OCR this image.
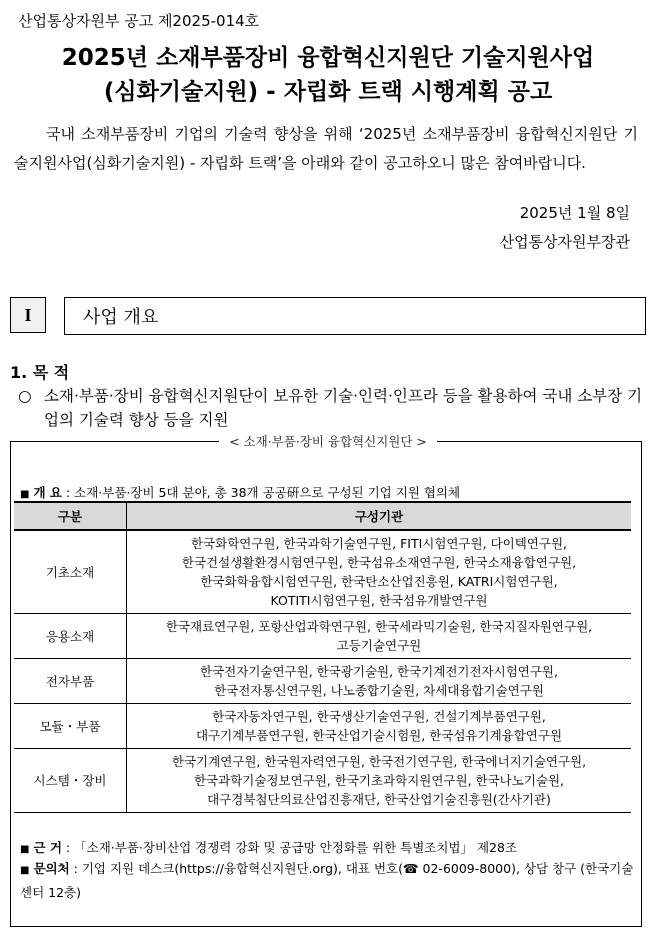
산업통상자원부 공고 제2025-014호
2025년 소재부품장비 융합혁신지원단 기술지원사업
(심화기술지원) - 자립화 트랙 시행계획 공고
국내 소재부품장비 기업의 기술력 향상을 위해 ‘2025년 소재부품장비 융합혁신지원단 기술지원사업(심화기술지원) - 자립화 트랙’을 아래와 같이 공고하오니 많은 참여바랍니다.
2025년 1월 8일
산업통상자원부장관
I	사업 개요
1. 목 적
○ 소재·부품·장비 융합혁신지원단이 보유한 기술·인력·인프라 등을 활용하여 국내 소부장 기업의 기술력 향상 등을 지원
< 소재·부품·장비 융합혁신지원단 >
■ 개 요 : 소재·부품·장비 5대 분야, 총 38개 공공硏으로 구성된 기업 지원 협의체
구분	구성기관
기초소재	한국화학연구원, 한국과학기술연구원, FITI시험연구원, 다이텍연구원,
한국건설생활환경시험연구원, 한국섬유소재연구원, 한국소재융합연구원,
한국화학융합시험연구원, 한국탄소산업진흥원, KATRI시험연구원,
KOTITI시험연구원, 한국섬유개발연구원

응용소재	한국재료연구원, 포항산업과학연구원, 한국세라믹기술원, 한국지질자원연구원,
고등기술연구원

전자부품	한국전자기술연구원, 한국광기술원, 한국기계전기전자시험연구원,
한국전자통신연구원, 나노종합기술원, 차세대융합기술연구원

모듈・부품	한국자동차연구원, 한국생산기술연구원, 건설기계부품연구원,
대구기계부품연구원, 한국산업기술시험원, 한국섬유기계융합연구원

시스템・장비	한국기계연구원, 한국원자력연구원, 한국전기연구원, 한국에너지기술연구원,
한국과학기술정보연구원, 한국기초과학지원연구원, 한국나노기술원,
대구경북첨단의료산업진흥재단, 한국산업기술진흥원(간사기관)
■ 근 거 : 「소재·부품·장비산업 경쟁력 강화 및 공급망 안정화를 위한 특별조치법」 제28조
■ 문의처 : 기업 지원 데스크(https://융합혁신지원단.org), 대표 번호(☎ 02-6009-8000), 상담 창구 (한국기술센터 12층)
